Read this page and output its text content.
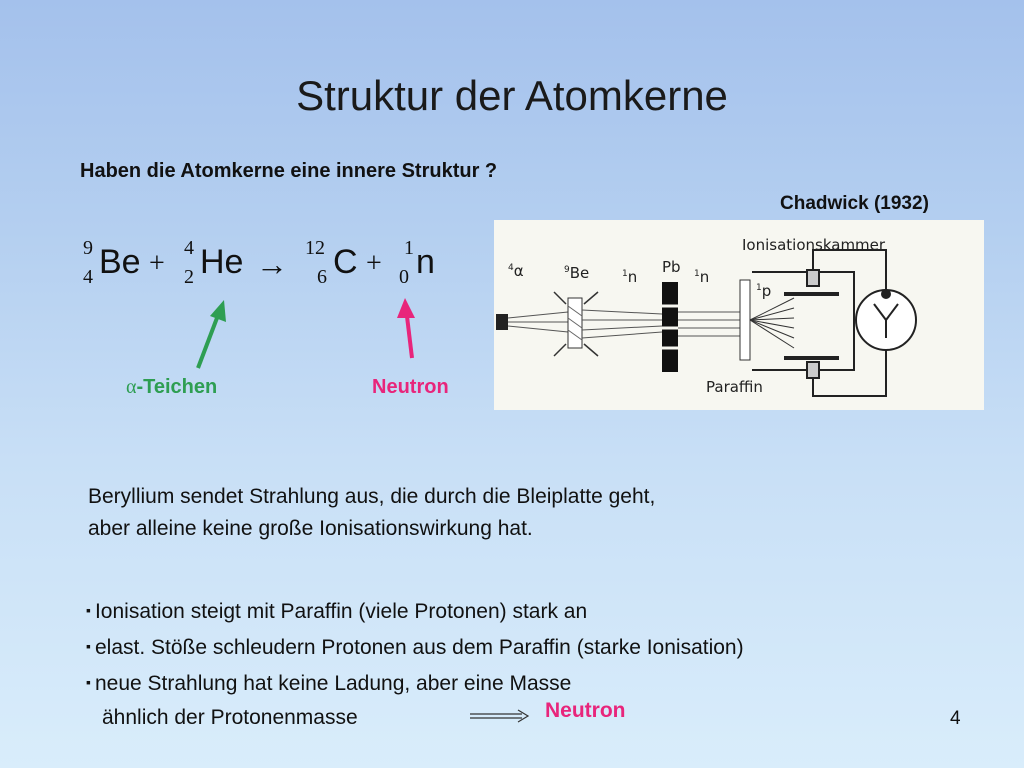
Struktur der Atomkerne
Haben die Atomkerne eine innere Struktur ?
Chadwick (1932)
9
4 Be + 4
2 He → 12
6 C + 1
0 n
α-Teichen	Neutron
$^4$α	$^9$Be	$^1$n
Pb $^1$n
$^1$p
Ionisationskammer
Paraffin
Beryllium sendet Strahlung aus, die durch die Bleiplatte geht,
aber alleine keine große Ionisationswirkung hat.
▪ Ionisation steigt mit Paraffin (viele Protonen) stark an
▪ elast. Stöße schleudern Protonen aus dem Paraffin (starke Ionisation)
▪ neue Strahlung hat keine Ladung, aber eine Masse
ähnlich der Protonenmasse	Neutron	4
